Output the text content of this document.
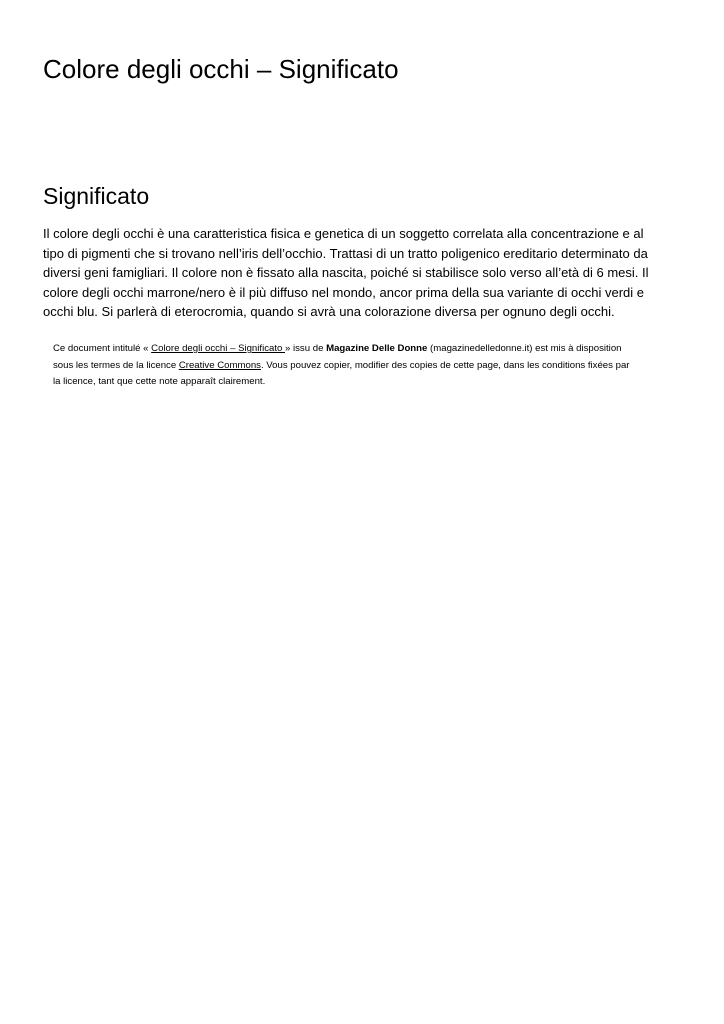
Colore degli occhi – Significato
Significato
Il colore degli occhi è una caratteristica fisica e genetica di un soggetto correlata alla concentrazione e al
tipo di pigmenti che si trovano nell’iris dell’occhio. Trattasi di un tratto poligenico ereditario determinato da
diversi geni famigliari. Il colore non è fissato alla nascita, poiché si stabilisce solo verso all’età di 6 mesi. Il
colore degli occhi marrone/nero è il più diffuso nel mondo, ancor prima della sua variante di occhi verdi e
occhi blu. Si parlerà di eterocromia, quando si avrà una colorazione diversa per ognuno degli occhi.
Ce document intitulé « Colore degli occhi – Significato » issu de Magazine Delle Donne (magazinedelledonne.it) est mis à disposition
sous les termes de la licence Creative Commons. Vous pouvez copier, modifier des copies de cette page, dans les conditions fixées par
la licence, tant que cette note apparaît clairement.
